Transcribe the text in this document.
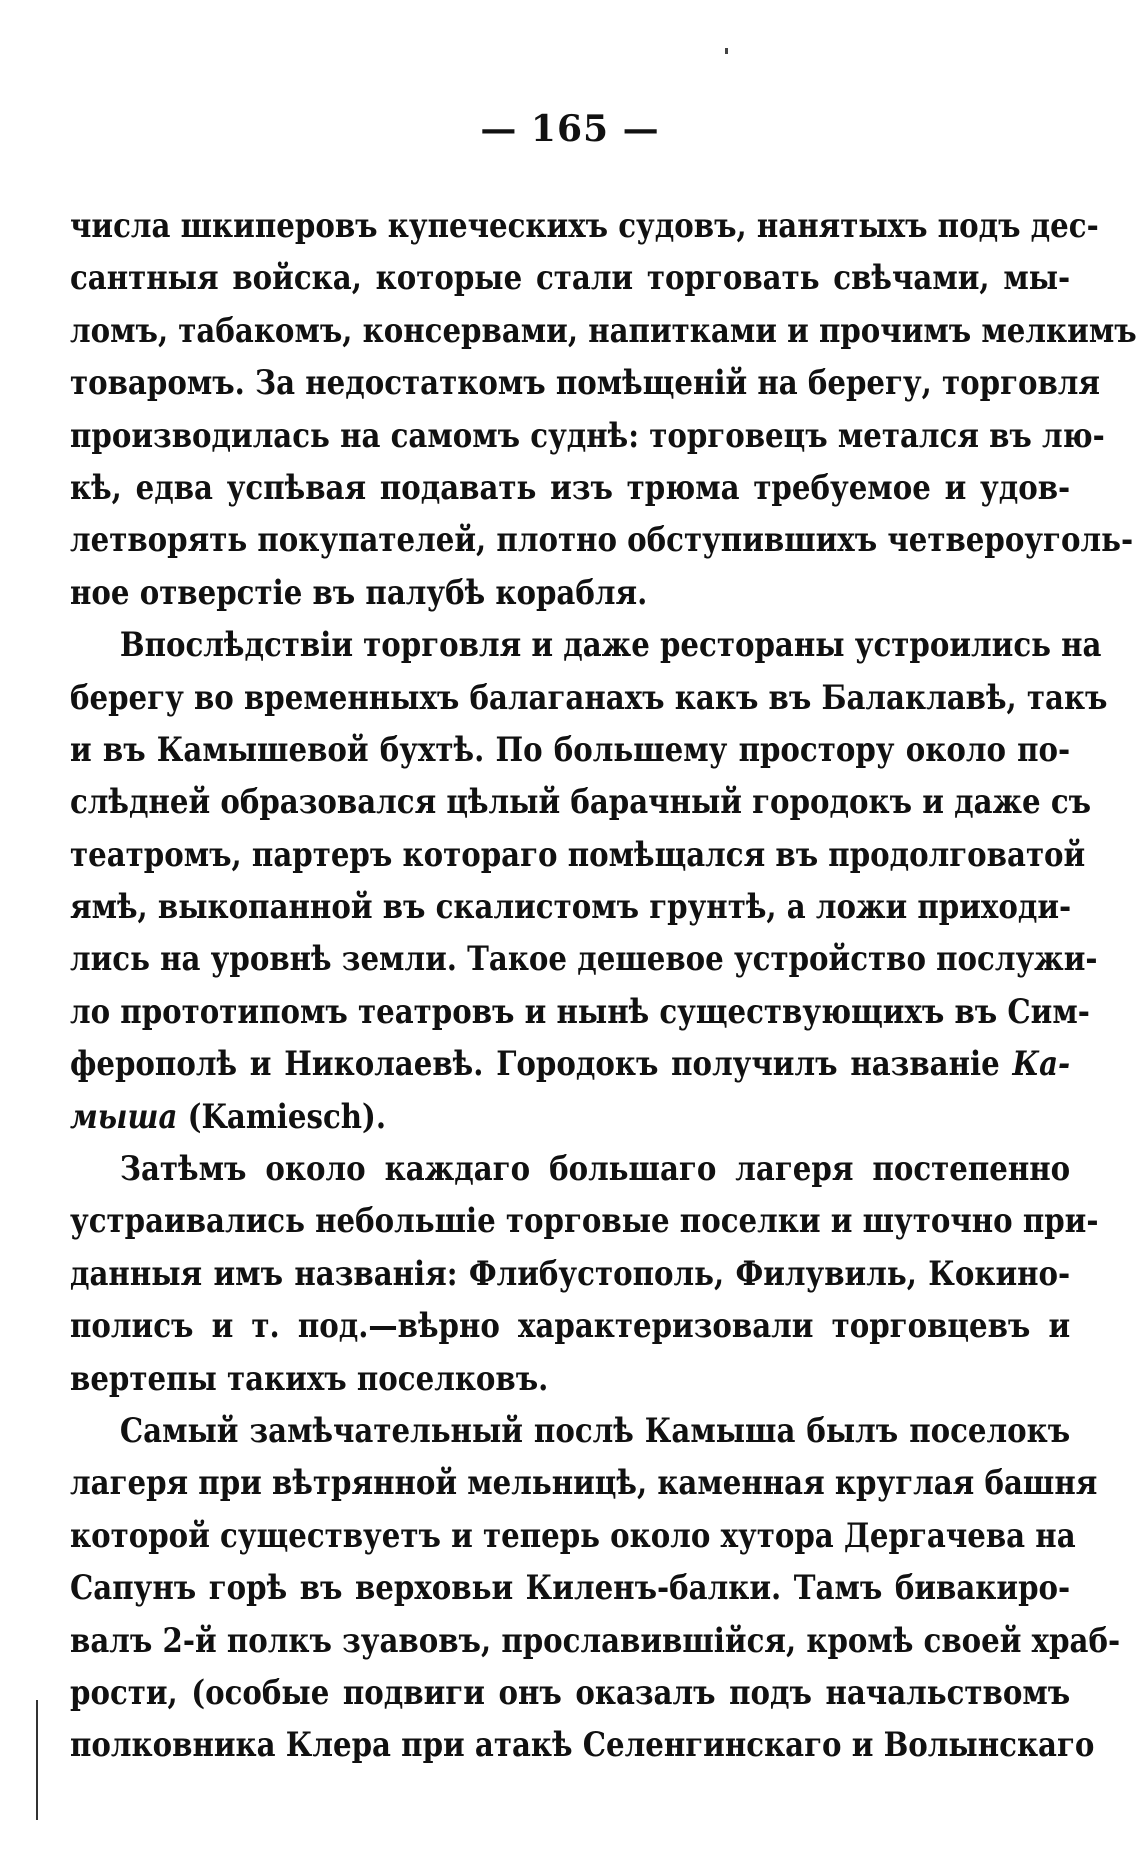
— 165 —
числа шкиперовъ купеческихъ судовъ, нанятыхъ подъ дес-
сантныя войска, которые стали торговать свѣчами, мы-
ломъ, табакомъ, консервами, напитками и прочимъ мелкимъ
товаромъ. За недостаткомъ помѣщеній на берегу, торговля
производилась на самомъ суднѣ: торговецъ метался въ лю-
кѣ, едва успѣвая подавать изъ трюма требуемое и удов-
летворять покупателей, плотно обступившихъ четвероуголь-
ное отверстіе въ палубѣ корабля.
Впослѣдствіи торговля и даже рестораны устроились на
берегу во временныхъ балаганахъ какъ въ Балаклавѣ, такъ
и въ Камышевой бухтѣ. По большему простору около по-
слѣдней образовался цѣлый барачный городокъ и даже съ
театромъ, партеръ котораго помѣщался въ продолговатой
ямѣ, выкопанной въ скалистомъ грунтѣ, а ложи приходи-
лись на уровнѣ земли. Такое дешевое устройство послужи-
ло прототипомъ театровъ и нынѣ существующихъ въ Сим-
ферополѣ и Николаевѣ. Городокъ получилъ названіе Ка-
мыша (Kamiesch).
Затѣмъ около каждаго большаго лагеря постепенно
устраивались небольшіе торговые поселки и шуточно при-
данныя имъ названія: Флибустополь, Филувиль, Кокино-
полисъ и т. под.—вѣрно характеризовали торговцевъ и
вертепы такихъ поселковъ.
Самый замѣчательный послѣ Камыша былъ поселокъ
лагеря при вѣтрянной мельницѣ, каменная круглая башня
которой существуетъ и теперь около хутора Дергачева на
Сапунъ горѣ въ верховьи Киленъ-балки. Тамъ бивакиро-
валъ 2-й полкъ зуавовъ, прославившійся, кромѣ своей храб-
рости, (особые подвиги онъ оказалъ подъ начальствомъ
полковника Клера при атакѣ Селенгинскаго и Волынскаго
